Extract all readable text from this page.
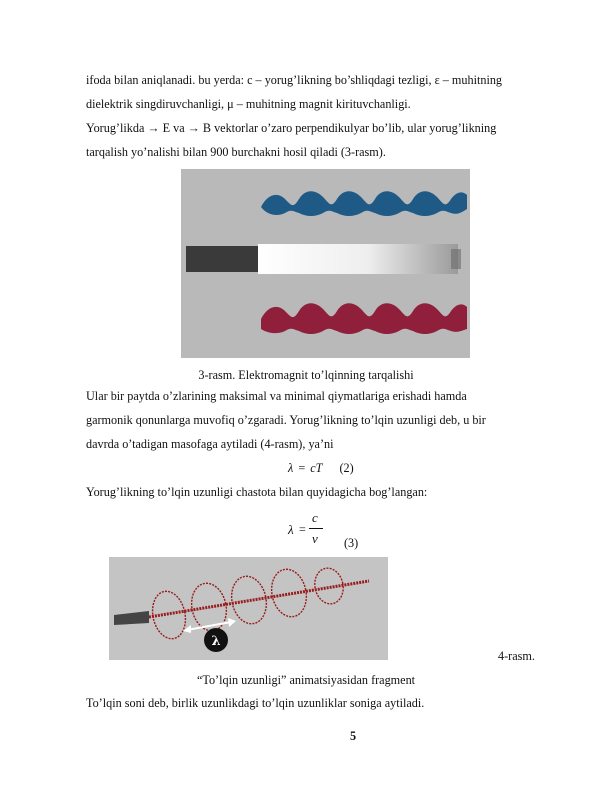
ifoda bilan aniqlanadi. bu yerda: c – yorug’likning bo’shliqdagi tezligi, ε – muhitning
dielektrik singdiruvchanligi, μ – muhitning magnit kirituvchanligi.
Yorug’likda → E va → B vektorlar o’zaro perpendikulyar bo’lib, ular yorug’likning
tarqalish yo’nalishi bilan 900 burchakni hosil qiladi (3-rasm).
3-rasm. Elektromagnit to’lqinning tarqalishi
Ular bir paytda o’zlarining maksimal va minimal qiymatlariga erishadi hamda
garmonik qonunlarga muvofiq o’zgaradi. Yorug’likning to’lqin uzunligi deb, u bir
davrda o’tadigan masofaga aytiladi (4-rasm), ya’ni
λ = cT (2)
Yorug’likning to’lqin uzunligi chastota bilan quyidagicha bog’langan:
λ =
c
ν (3)
λ
4-rasm.
“To’lqin uzunligi” animatsiyasidan fragment
To’lqin soni deb, birlik uzunlikdagi to’lqin uzunliklar soniga aytiladi.
5
